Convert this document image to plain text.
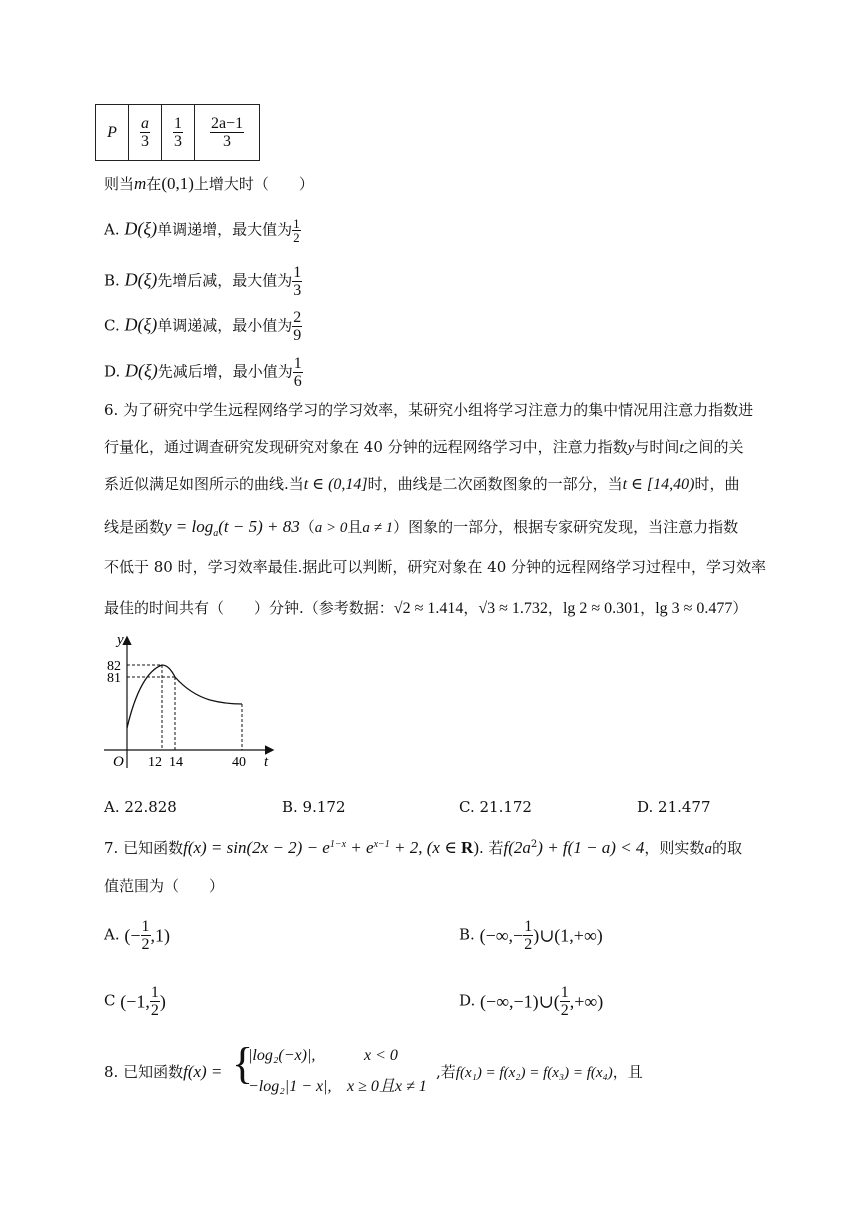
P	$\frac{a}{3}$	$\frac{1}{3}$	$\frac{2a-1}{3}$
则当m在(0,1)上增大时（　　）
A. D(ξ)单调递增，最大值为 $\frac{1}{2}$
B. D(ξ)先增后减，最大值为 $\frac{1}{3}$
C. D(ξ)单调递减，最小值为 $\frac{2}{9}$
D. D(ξ)先减后增，最小值为 $\frac{1}{6}$
6. 为了研究中学生远程网络学习的学习效率，某研究小组将学习注意力的集中情况用注意力指数进
行量化，通过调查研究发现研究对象在 40 分钟的远程网络学习中，注意力指数y与时间t之间的关
系近似满足如图所示的曲线.当t ∈ (0,14]时，曲线是二次函数图象的一部分，当t ∈ [14,40)时，曲
线是函数$y = \log_a(t - 5) + 83(a > 0$且a ≠ 1）图象的一部分，根据专家研究发现，当注意力指数
不低于 80 时，学习效率最佳.据此可以判断，研究对象在 40 分钟的远程网络学习过程中，学习效率
最佳的时间共有（　　）分钟.（参考数据：√2 ≈ 1.414，√3 ≈ 1.732，lg 2 ≈ 0.301，lg 3 ≈ 0.477）
y
t
O
82
81
12 14	40
A. 22.828	B. 9.172	C. 21.172	D. 21.477
7. 已知函数$f(x) = \sin(2x - 2) - e^{1-x} + e^{x-1} + 2$, (x ∈ R). 若$f(2a^2) + f(1 - a) < 4$，则实数a的取
值范围为（　　）
A. (− $\frac{1}{2} ,1$)	B. (−∞,− $\frac{1}{2}$ )∪(1,+∞)
C (−1, $\frac{1}{2}$ )	D. (−∞,−1)∪( $\frac{1}{2}$ ,+∞)
8. 已知函数f(x) = {
|log₂(−x)|,	x < 0
−log₂|1 − x|, x ≥ 0且x ≠ 1
,若f(x₁) = f(x₂) = f(x₃) = f(x₄)，且
